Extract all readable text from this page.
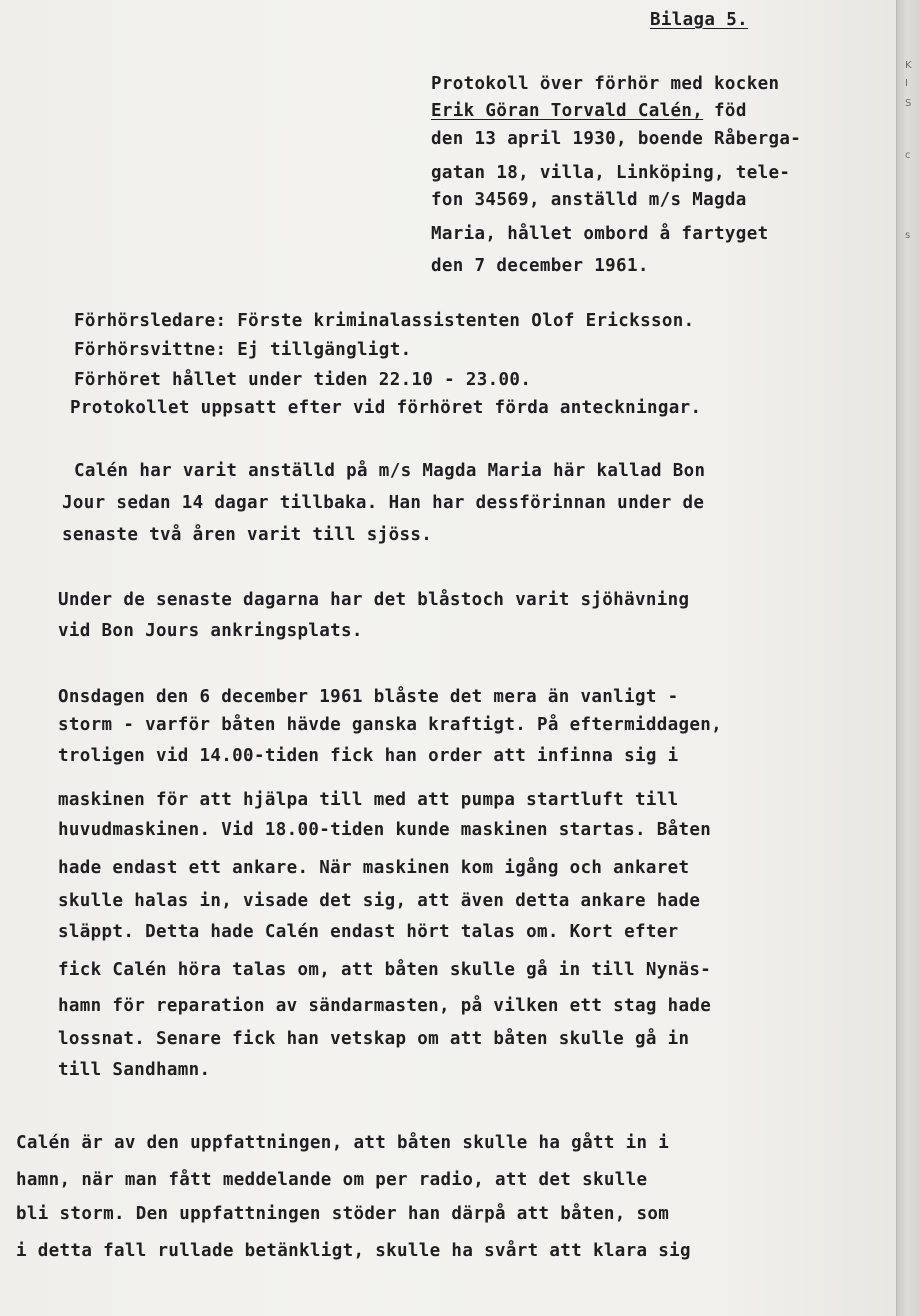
Bilaga 5.

Protokoll över förhör med kocken

Erik Göran Torvald Calén, föd

den 13 april 1930, boende Råberga-

gatan 18, villa, Linköping, tele-

fon 34569, anställd m/s Magda

Maria, hållet ombord å fartyget

den 7 december 1961.

Förhörsledare: Förste kriminalassistenten Olof Ericksson.

Förhörsvittne: Ej tillgängligt.

Förhöret hållet under tiden 22.10 - 23.00.

Protokollet uppsatt efter vid förhöret förda anteckningar.

Calén har varit anställd på m/s Magda Maria här kallad Bon

Jour sedan 14 dagar tillbaka. Han har dessförinnan under de

senaste två åren varit till sjöss.

Under de senaste dagarna har det blåstoch varit sjöhävning

vid Bon Jours ankringsplats.

Onsdagen den 6 december 1961 blåste det mera än vanligt -

storm - varför båten hävde ganska kraftigt. På eftermiddagen,

troligen vid 14.00-tiden fick han order att infinna sig i

maskinen för att hjälpa till med att pumpa startluft till

huvudmaskinen. Vid 18.00-tiden kunde maskinen startas. Båten

hade endast ett ankare. När maskinen kom igång och ankaret

skulle halas in, visade det sig, att även detta ankare hade

släppt. Detta hade Calén endast hört talas om. Kort efter

fick Calén höra talas om, att båten skulle gå in till Nynäs-

hamn för reparation av sändarmasten, på vilken ett stag hade

lossnat. Senare fick han vetskap om att båten skulle gå in

till Sandhamn.

Calén är av den uppfattningen, att båten skulle ha gått in i

hamn, när man fått meddelande om per radio, att det skulle

bli storm. Den uppfattningen stöder han därpå att båten, som

i detta fall rullade betänkligt, skulle ha svårt att klara sig

K
I
S
c
s
